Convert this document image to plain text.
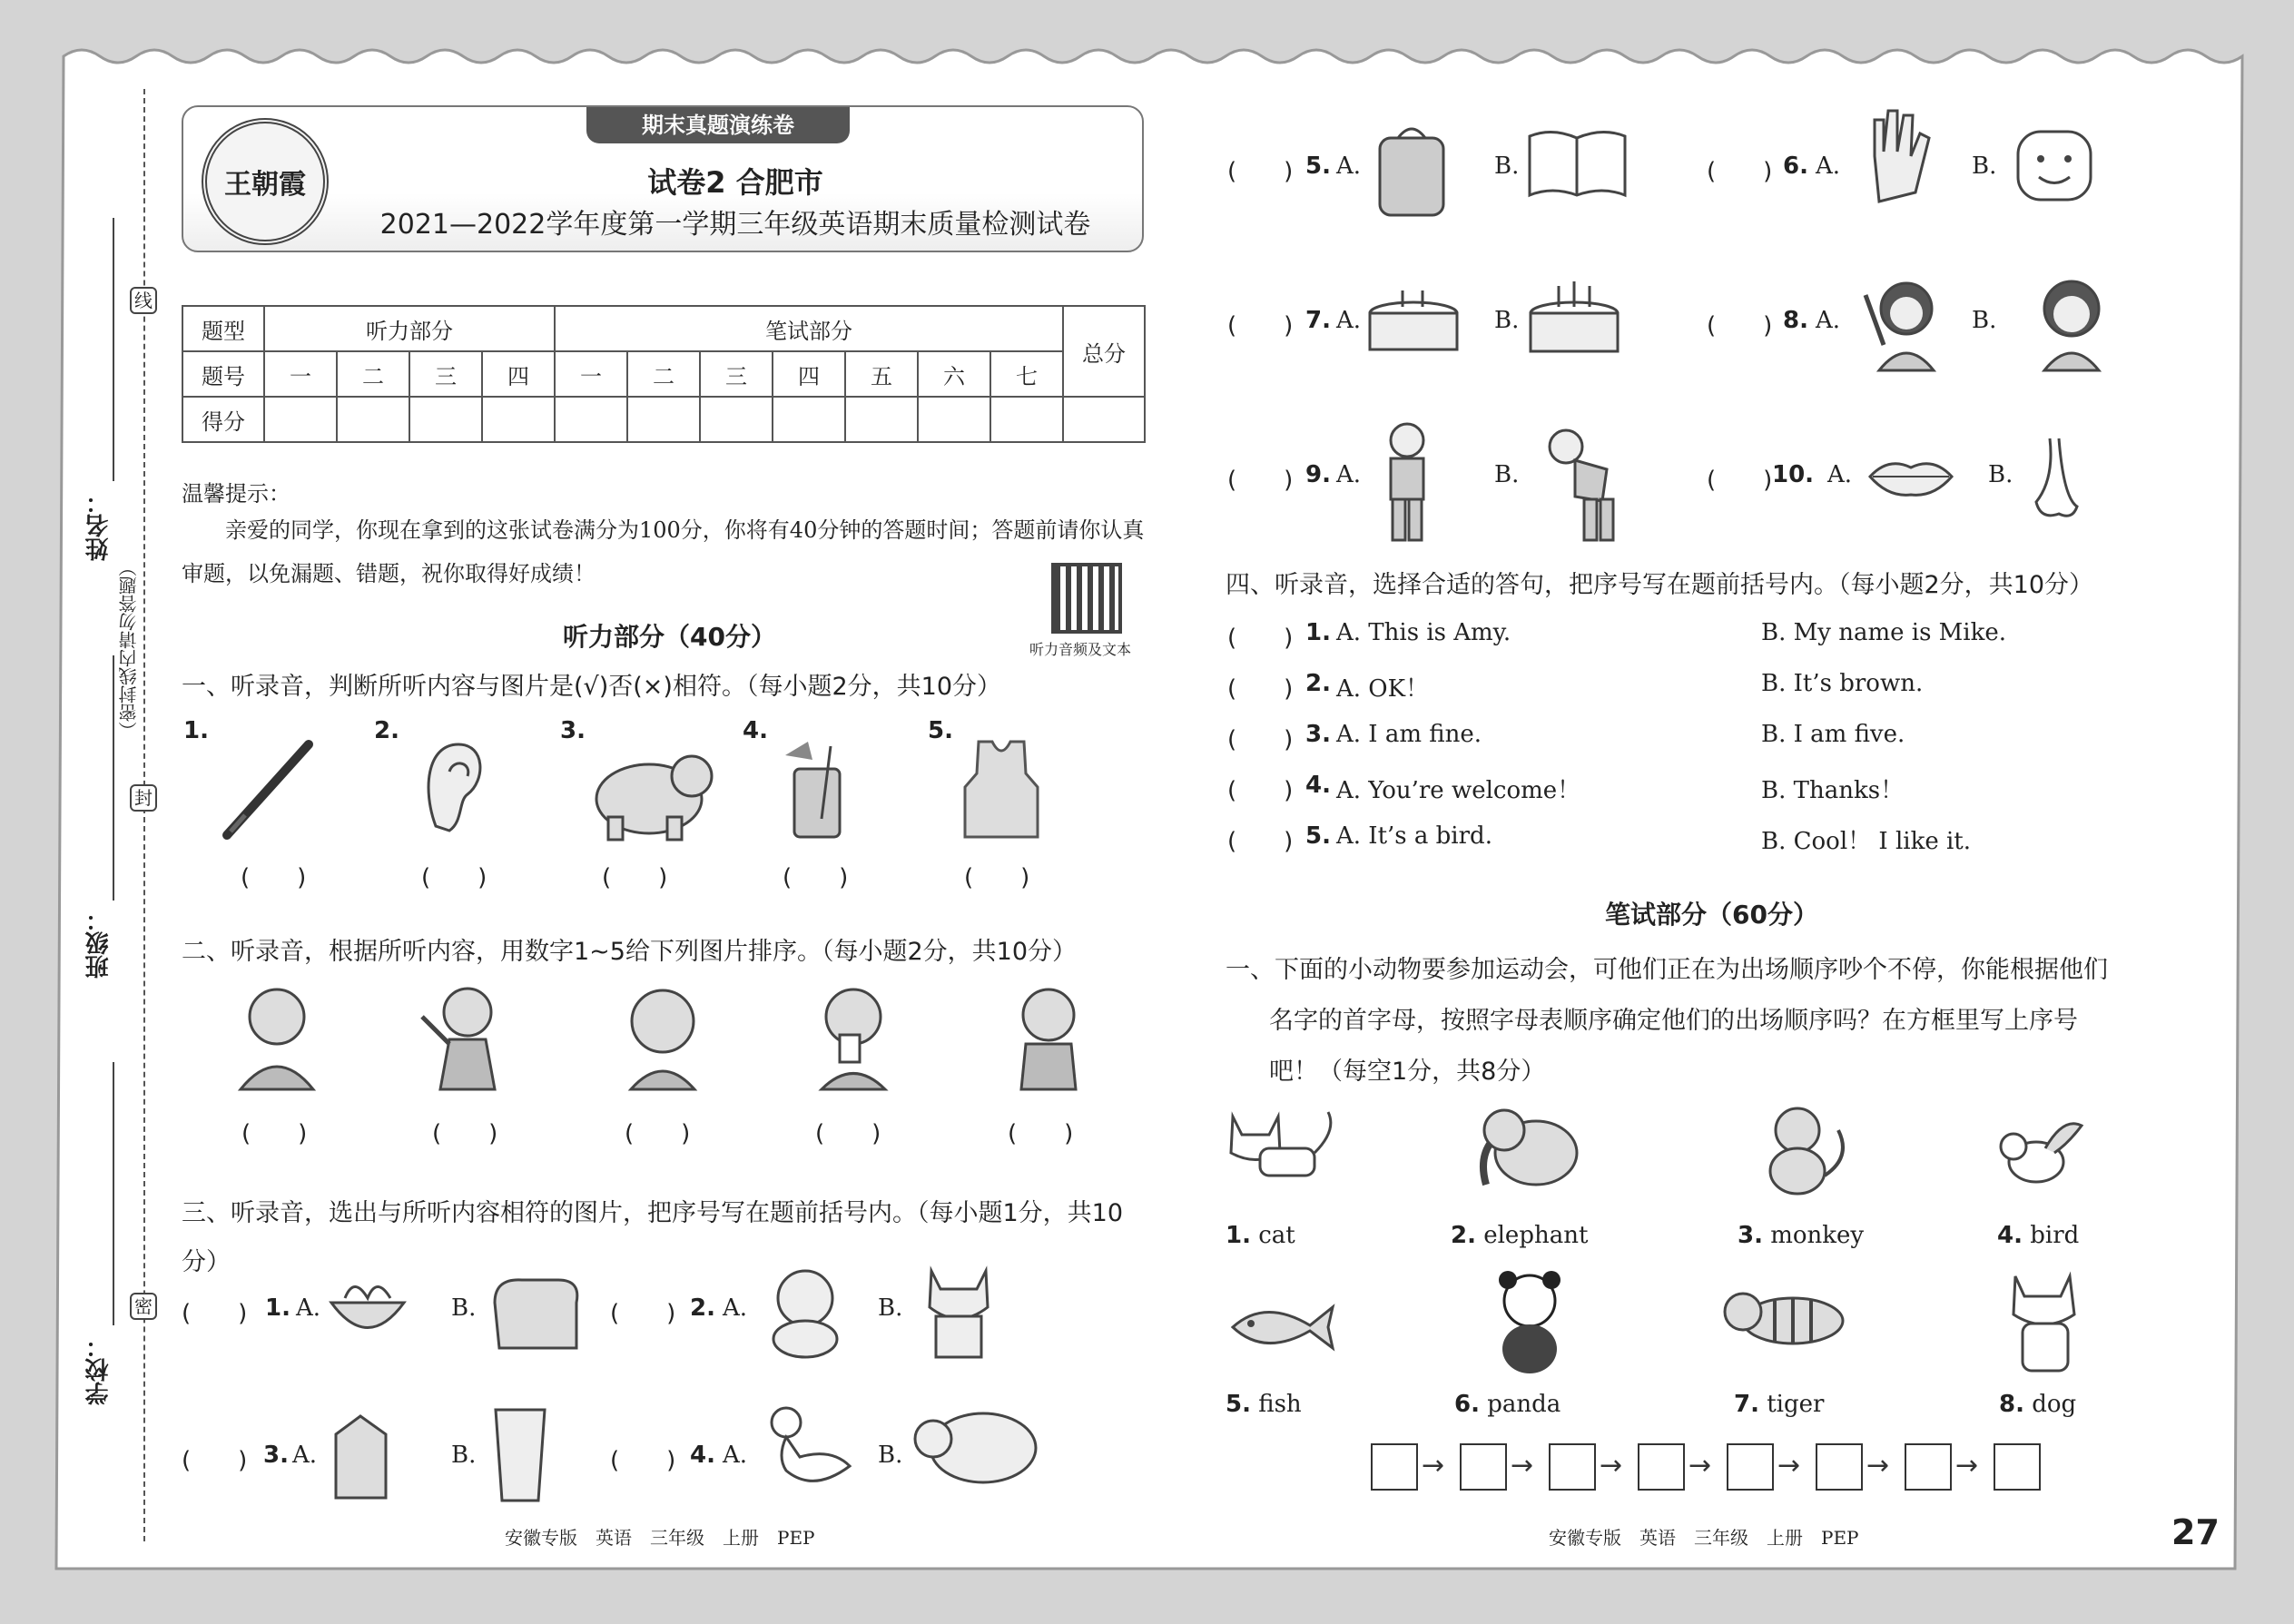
线
封
密
（密封线内请勿答题）
姓名：
班级：
学校：
期末真题演练卷
王朝霞	试卷2 合肥市
2021—2022学年度第一学期三年级英语期末质量检测试卷
题型	听力部分				笔试部分							总分
题号	一	二	三	四	一	二	三	四	五	六	七	
得分												
温馨提示：
亲爱的同学，你现在拿到的这张试卷满分为100分，你将有40分钟的答题时间；答题前请你认真审题，以免漏题、错题，祝你取得好成绩！
听力音频及文本
听力部分（40分）
一、听录音，判断所听内容与图片是(√)否(×)相符。（每小题2分，共10分）
1.	2.	3.	4.	5.
(　　)	(　　)	(　　)	(　　)	(　　)
二、听录音，根据所听内容，用数字1~5给下列图片排序。（每小题2分，共10分）
(　　)	(　　)	(　　)	(　　)	(　　)
三、听录音，选出与所听内容相符的图片，把序号写在题前括号内。（每小题1分，共10分）
(　　) 1. A.	B.	(　　) 2. A.	B.
(　　) 3. A.	B.	(　　) 4. A.	B.
(　　) 5. A.	B.	(　　) 6. A.	B.
(　　) 7. A.	B.	(　　) 8. A.	B.
(　　) 9. A.	B.	(　　) 10. A.	B.
四、听录音，选择合适的答句，把序号写在题前括号内。（每小题2分，共10分）
(　　) 1. A. This is Amy.	B. My name is Mike.
(　　) 2. A. OK！	B. It’s brown.
(　　) 3. A. I am fine.	B. I am five.
(　　) 4. A. You’re welcome！	B. Thanks！
(　　) 5. A. It’s a bird.	B. Cool！ I like it.
笔试部分（60分）
一、下面的小动物要参加运动会，可他们正在为出场顺序吵个不停，你能根据他们
名字的首字母，按照字母表顺序确定他们的出场顺序吗？在方框里写上序号
吧！（每空1分，共8分）
1. cat	2. elephant	3. monkey	4. bird
5. fish	6. panda	7. tiger	8. dog
→ → → → → → →
安徽专版　英语　三年级　上册　PEP	安徽专版　英语　三年级　上册　PEP	27
